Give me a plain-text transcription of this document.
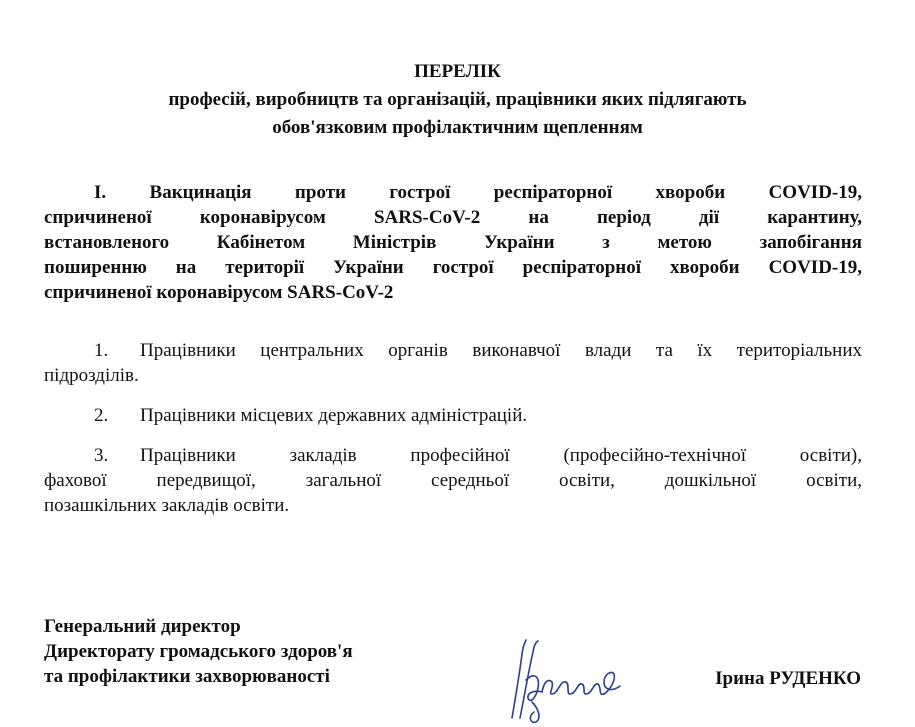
ПЕРЕЛІК
професій, виробництв та організацій, працівники яких підлягають
обов'язковим профілактичним щепленням
I. Вакцинація проти гострої респіраторної хвороби COVID-19,
спричиненої коронавірусом SARS-CoV-2 на період дії карантину,
встановленого Кабінетом Міністрів України з метою запобігання
поширенню на території України гострої респіраторної хвороби COVID-19,
спричиненої коронавірусом SARS-CoV-2
1. Працівники центральних органів виконавчої влади та їх територіальних
підрозділів.
2. Працівники місцевих державних адміністрацій.
3. Працівники закладів професійної (професійно-технічної освіти),
фахової передвищої, загальної середньої освіти, дошкільної освіти,
позашкільних закладів освіти.
Генеральний директор
Директорату громадського здоров'я
та профілактики захворюваності	Ірина РУДЕНКО
